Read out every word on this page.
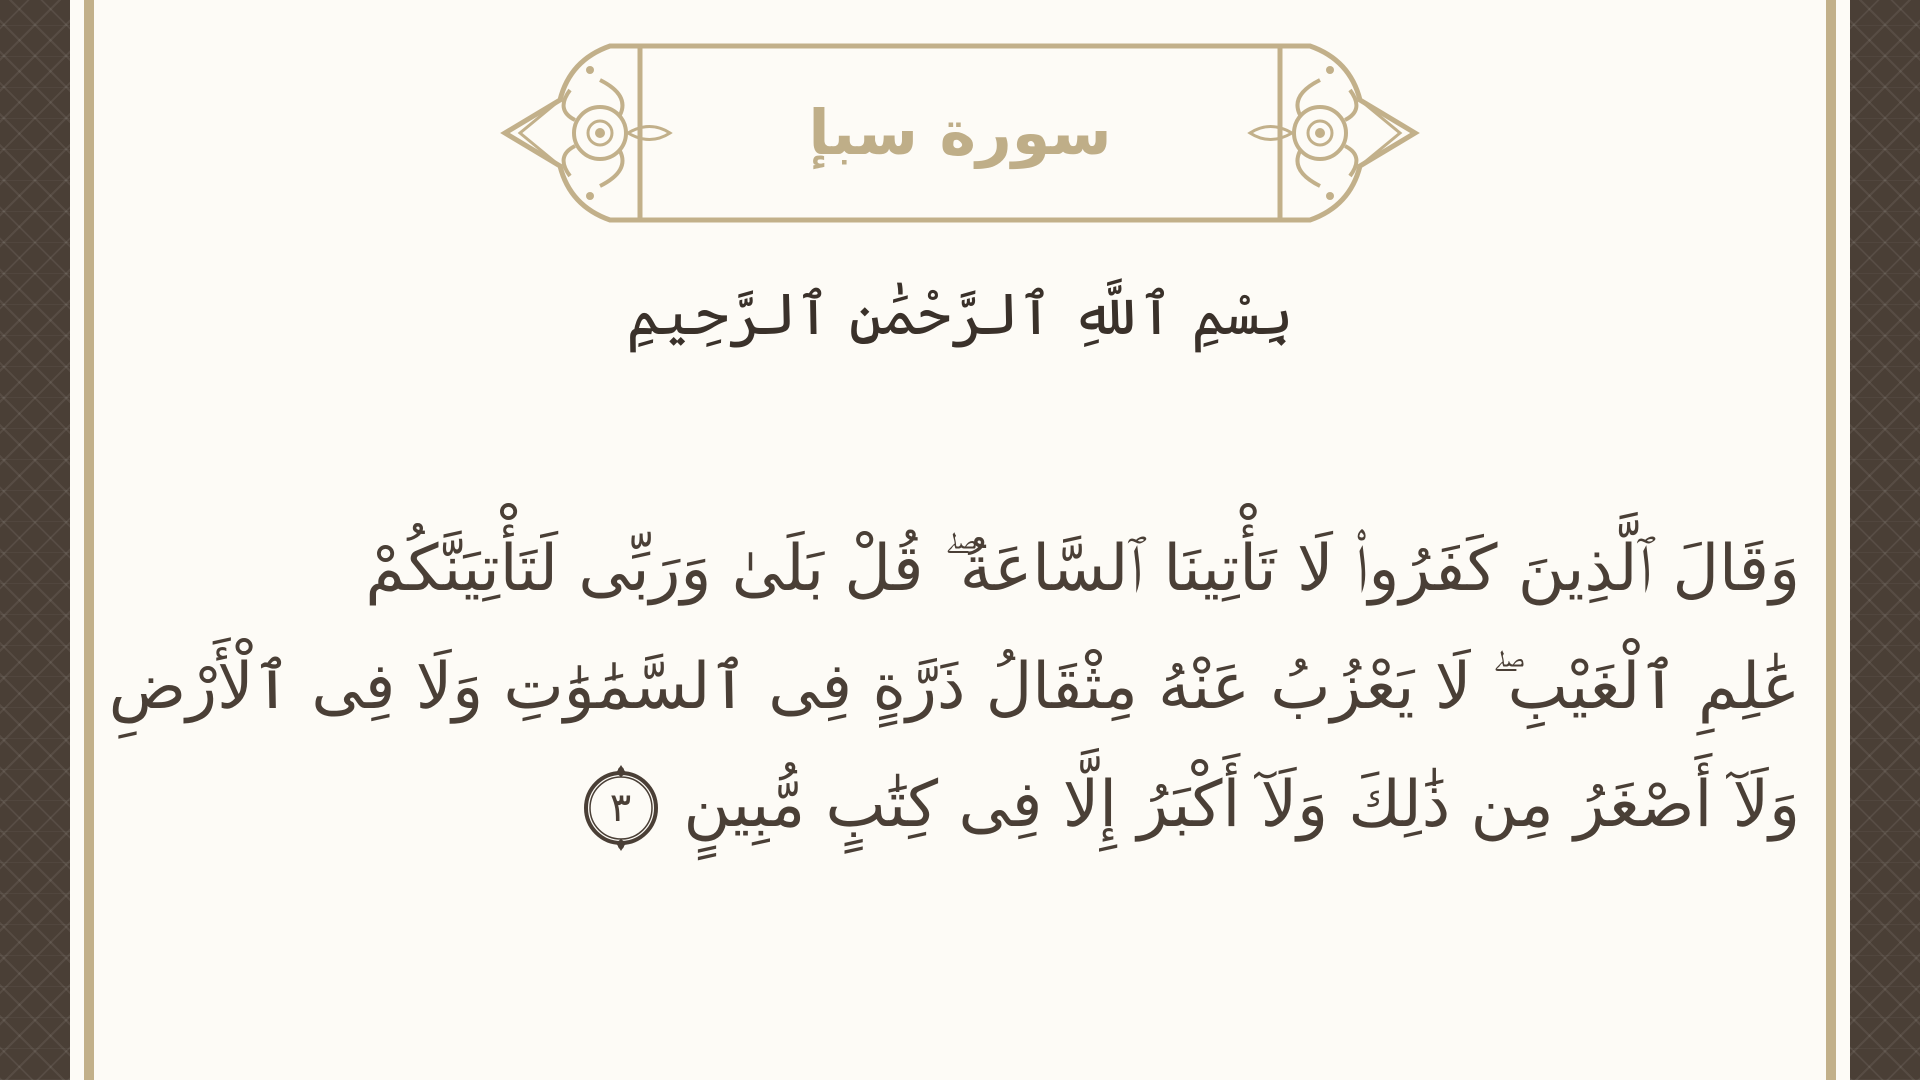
سورة سبإ
بِسْمِ ٱللَّهِ ٱلرَّحْمَٰنِ ٱلرَّحِيمِ
وَقَالَ ٱلَّذِينَ كَفَرُوا۟ لَا تَأْتِينَا ٱلسَّاعَةُ ۖ قُلْ بَلَىٰ وَرَبِّى لَتَأْتِيَنَّكُمْ
عَٰلِمِ ٱلْغَيْبِ ۖ لَا يَعْزُبُ عَنْهُ مِثْقَالُ ذَرَّةٍ فِى ٱلسَّمَٰوَٰتِ وَلَا فِى ٱلْأَرْضِ
وَلَآ أَصْغَرُ مِن ذَٰلِكَ وَلَآ أَكْبَرُ إِلَّا فِى كِتَٰبٍ مُّبِينٍ
٣
